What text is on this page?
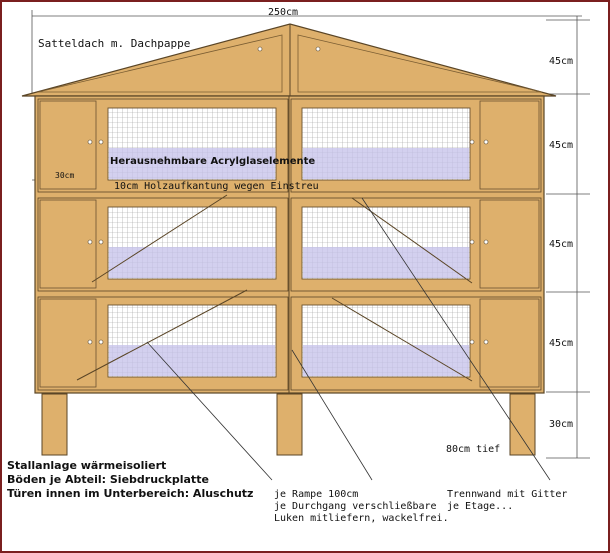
250cm
Satteldach m. Dachpappe
45cm
45cm
45cm
45cm
30cm
30cm
Herausnehmbare Acrylglaselemente
10cm Holzaufkantung wegen Einstreu
80cm tief
Stallanlage wärmeisoliert
Böden je Abteil: Siebdruckplatte
Türen innen im Unterbereich: Aluschutz je Rampe 100cm
je Durchgang verschließbare
Luken mitliefern, wackelfrei.
Trennwand mit Gitter
je Etage...
